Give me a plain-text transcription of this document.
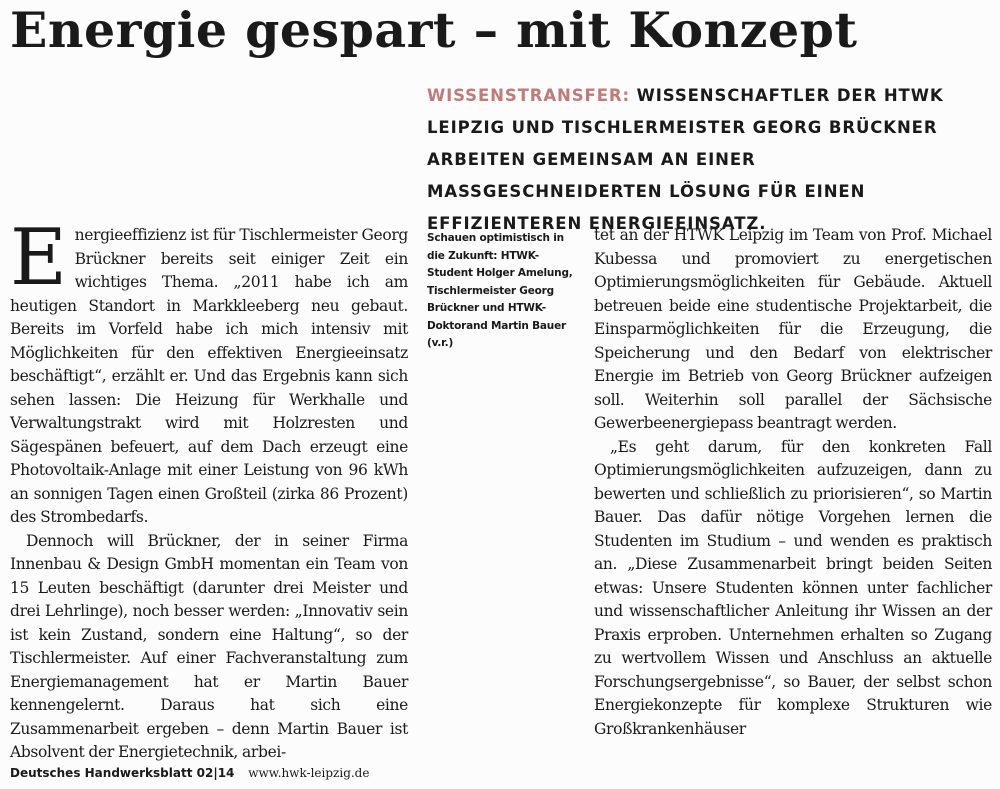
Energie gespart – mit Konzept
WISSENSTRANSFER: WISSENSCHAFTLER DER HTWK LEIPZIG UND TISCHLERMEISTER GEORG BRÜCKNER ARBEITEN GEMEINSAM AN EINER MASSGESCHNEIDERTEN LÖSUNG FÜR EINEN EFFIZIENTEREN ENERGIEEINSATZ.

Energieeffizienz ist für Tischlermeister Georg Brückner bereits seit einiger Zeit ein wichtiges Thema. „2011 habe ich am heutigen Standort in Markkleeberg neu gebaut. Bereits im Vorfeld habe ich mich intensiv mit Möglichkeiten für den effektiven Energieeinsatz beschäftigt“, erzählt er. Und das Ergebnis kann sich sehen lassen: Die Heizung für Werkhalle und Verwaltungstrakt wird mit Holzresten und Sägespänen befeuert, auf dem Dach erzeugt eine Photovoltaik-Anlage mit einer Leistung von 96 kWh an sonnigen Tagen einen Großteil (zirka 86 Prozent) des Strombedarfs.

Dennoch will Brückner, der in seiner Firma Innenbau & Design GmbH momentan ein Team von 15 Leuten beschäftigt (darunter drei Meister und drei Lehrlinge), noch besser werden: „Innovativ sein ist kein Zustand, sondern eine Haltung“, so der Tischlermeister. Auf einer Fachveranstaltung zum Energiemanagement hat er Martin Bauer kennengelernt. Daraus hat sich eine Zusammenarbeit ergeben – denn Martin Bauer ist Absolvent der Energietechnik, arbei-

Schauen optimistisch in die Zukunft: HTWK-Student Holger Amelung, Tischlermeister Georg Brückner und HTWK-Doktorand Martin Bauer (v.r.)

tet an der HTWK Leipzig im Team von Prof. Michael Kubessa und promoviert zu energetischen Optimierungsmöglichkeiten für Gebäude. Aktuell betreuen beide eine studentische Projektarbeit, die Einsparmöglichkeiten für die Erzeugung, die Speicherung und den Bedarf von elektrischer Energie im Betrieb von Georg Brückner aufzeigen soll. Weiterhin soll parallel der Sächsische Gewerbeenergiepass beantragt werden.

„Es geht darum, für den konkreten Fall Optimierungsmöglichkeiten aufzuzeigen, dann zu bewerten und schließlich zu priorisieren“, so Martin Bauer. Das dafür nötige Vorgehen lernen die Studenten im Studium – und wenden es praktisch an. „Diese Zusammenarbeit bringt beiden Seiten etwas: Unsere Studenten können unter fachlicher und wissenschaftlicher Anleitung ihr Wissen an der Praxis erproben. Unternehmen erhalten so Zugang zu wertvollem Wissen und Anschluss an aktuelle Forschungsergebnisse“, so Bauer, der selbst schon Energiekonzepte für komplexe Strukturen wie Großkrankenhäuser

Deutsches Handwerksblatt 02|14 www.hwk-leipzig.de
